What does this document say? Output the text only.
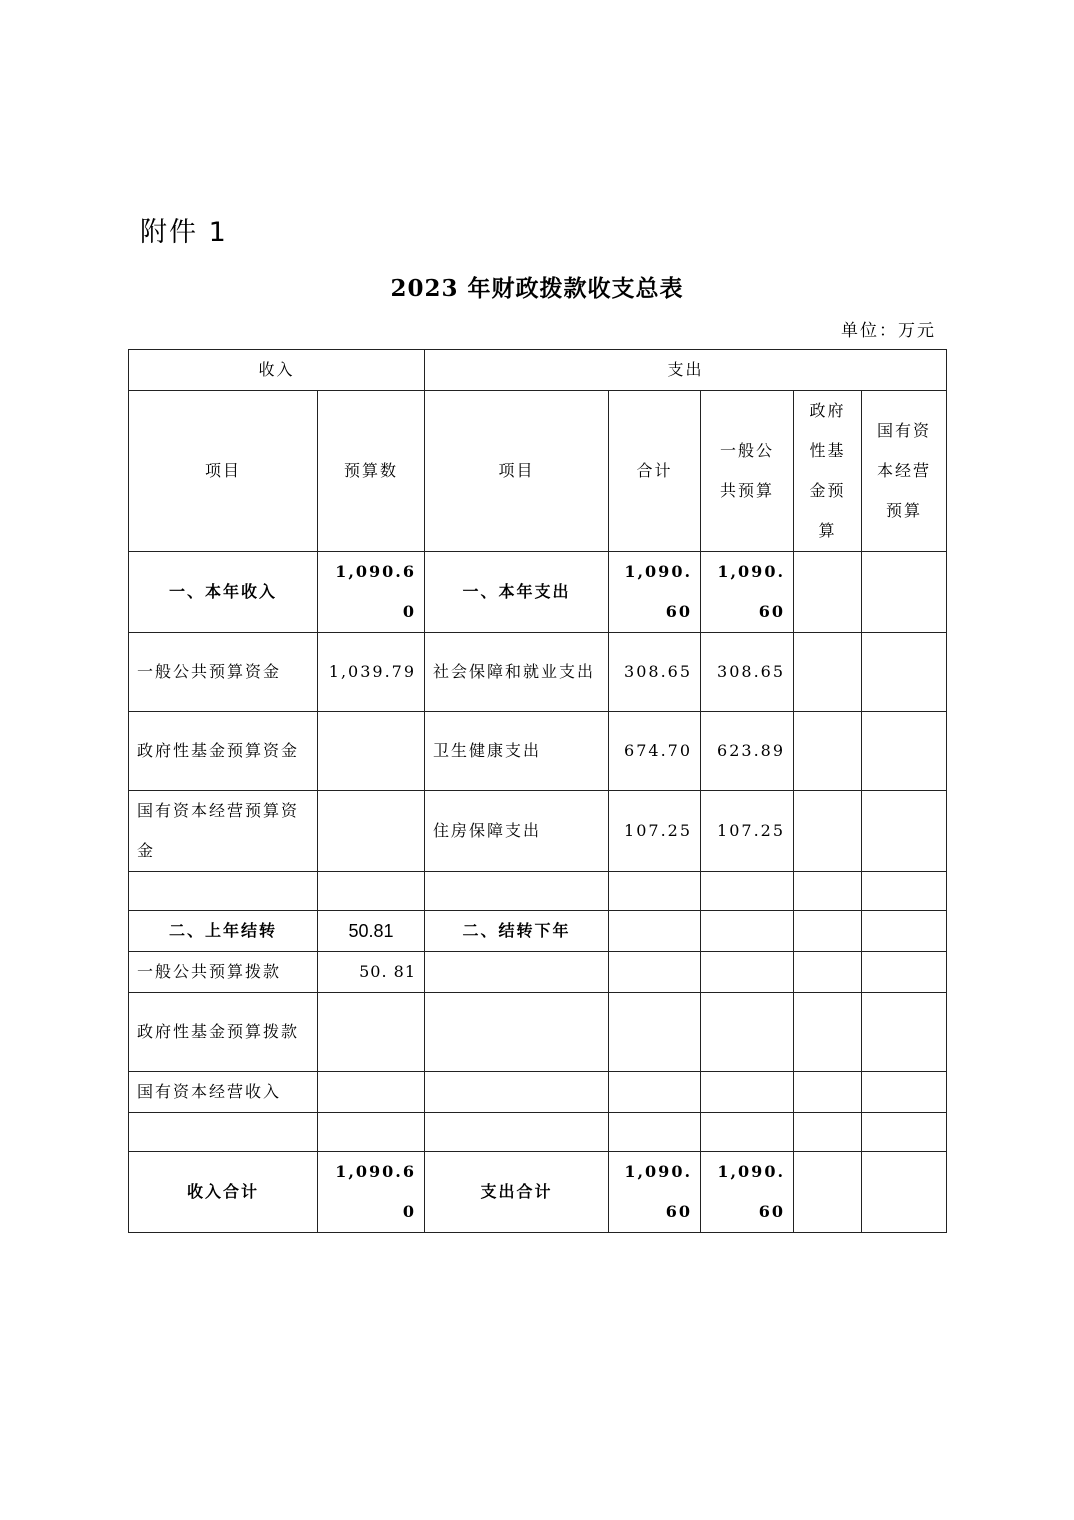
附件 1
2023 年财政拨款收支总表
单位：万元
收入		支出				
项目	预算数	项目	合计	一般公共预算	政府性基金预算	国有资本经营预算
一、本年收入	1,090.60	一、本年支出	1,090.60	1,090.60		
一般公共预算资金	1,039.79	社会保障和就业支出	308.65	308.65		
政府性基金预算资金		卫生健康支出	674.70	623.89		
国有资本经营预算资金		住房保障支出	107.25	107.25		

二、上年结转	50.81	二、结转下年				
一般公共预算拨款	50. 81					
政府性基金预算拨款						
国有资本经营收入						

收入合计	1,090.60	支出合计	1,090.60	1,090.60		
